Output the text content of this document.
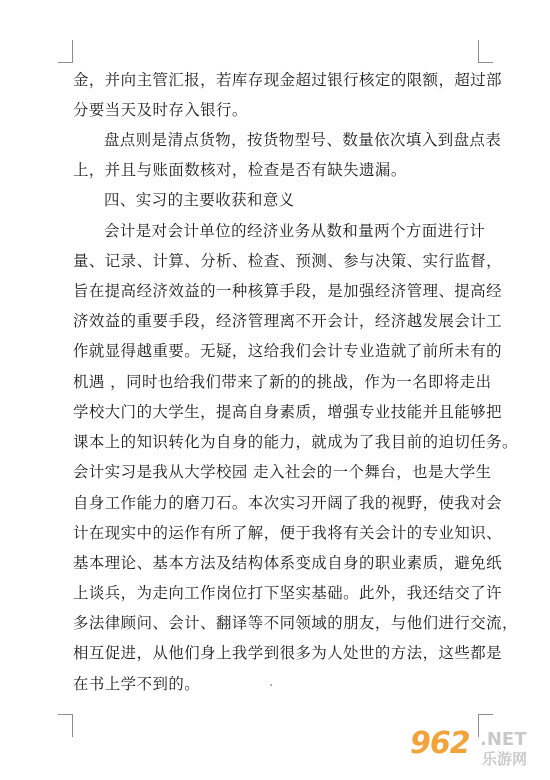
金，并向主管汇报，若库存现金超过银行核定的限额，超过部
分要当天及时存入银行。
盘点则是清点货物，按货物型号、数量依次填入到盘点表
上，并且与账面数核对，检查是否有缺失遗漏。
四、实习的主要收获和意义
会计是对会计单位的经济业务从数和量两个方面进行计
量、记录、计算、分析、检查、预测、参与决策、实行监督，
旨在提高经济效益的一种核算手段，是加强经济管理、提高经
济效益的重要手段，经济管理离不开会计，经济越发展会计工
作就显得越重要。无疑，这给我们会计专业造就了前所未有的
机遇 ，同时也给我们带来了新的的挑战，作为一名即将走出
学校大门的大学生，提高自身素质，增强专业技能并且能够把
课本上的知识转化为自身的能力，就成为了我目前的迫切任务。
会计实习是我从大学校园 走入社会的一个舞台，也是大学生
自身工作能力的磨刀石。本次实习开阔了我的视野，使我对会
计在现实中的运作有所了解，便于我将有关会计的专业知识、
基本理论、基本方法及结构体系变成自身的职业素质，避免纸
上谈兵，为走向工作岗位打下坚实基础。此外，我还结交了许
多法律顾问、会计、翻译等不同领域的朋友，与他们进行交流，
相互促进，从他们身上我学到很多为人处世的方法，这些都是
在书上学不到的。
962 .NET
乐游网
